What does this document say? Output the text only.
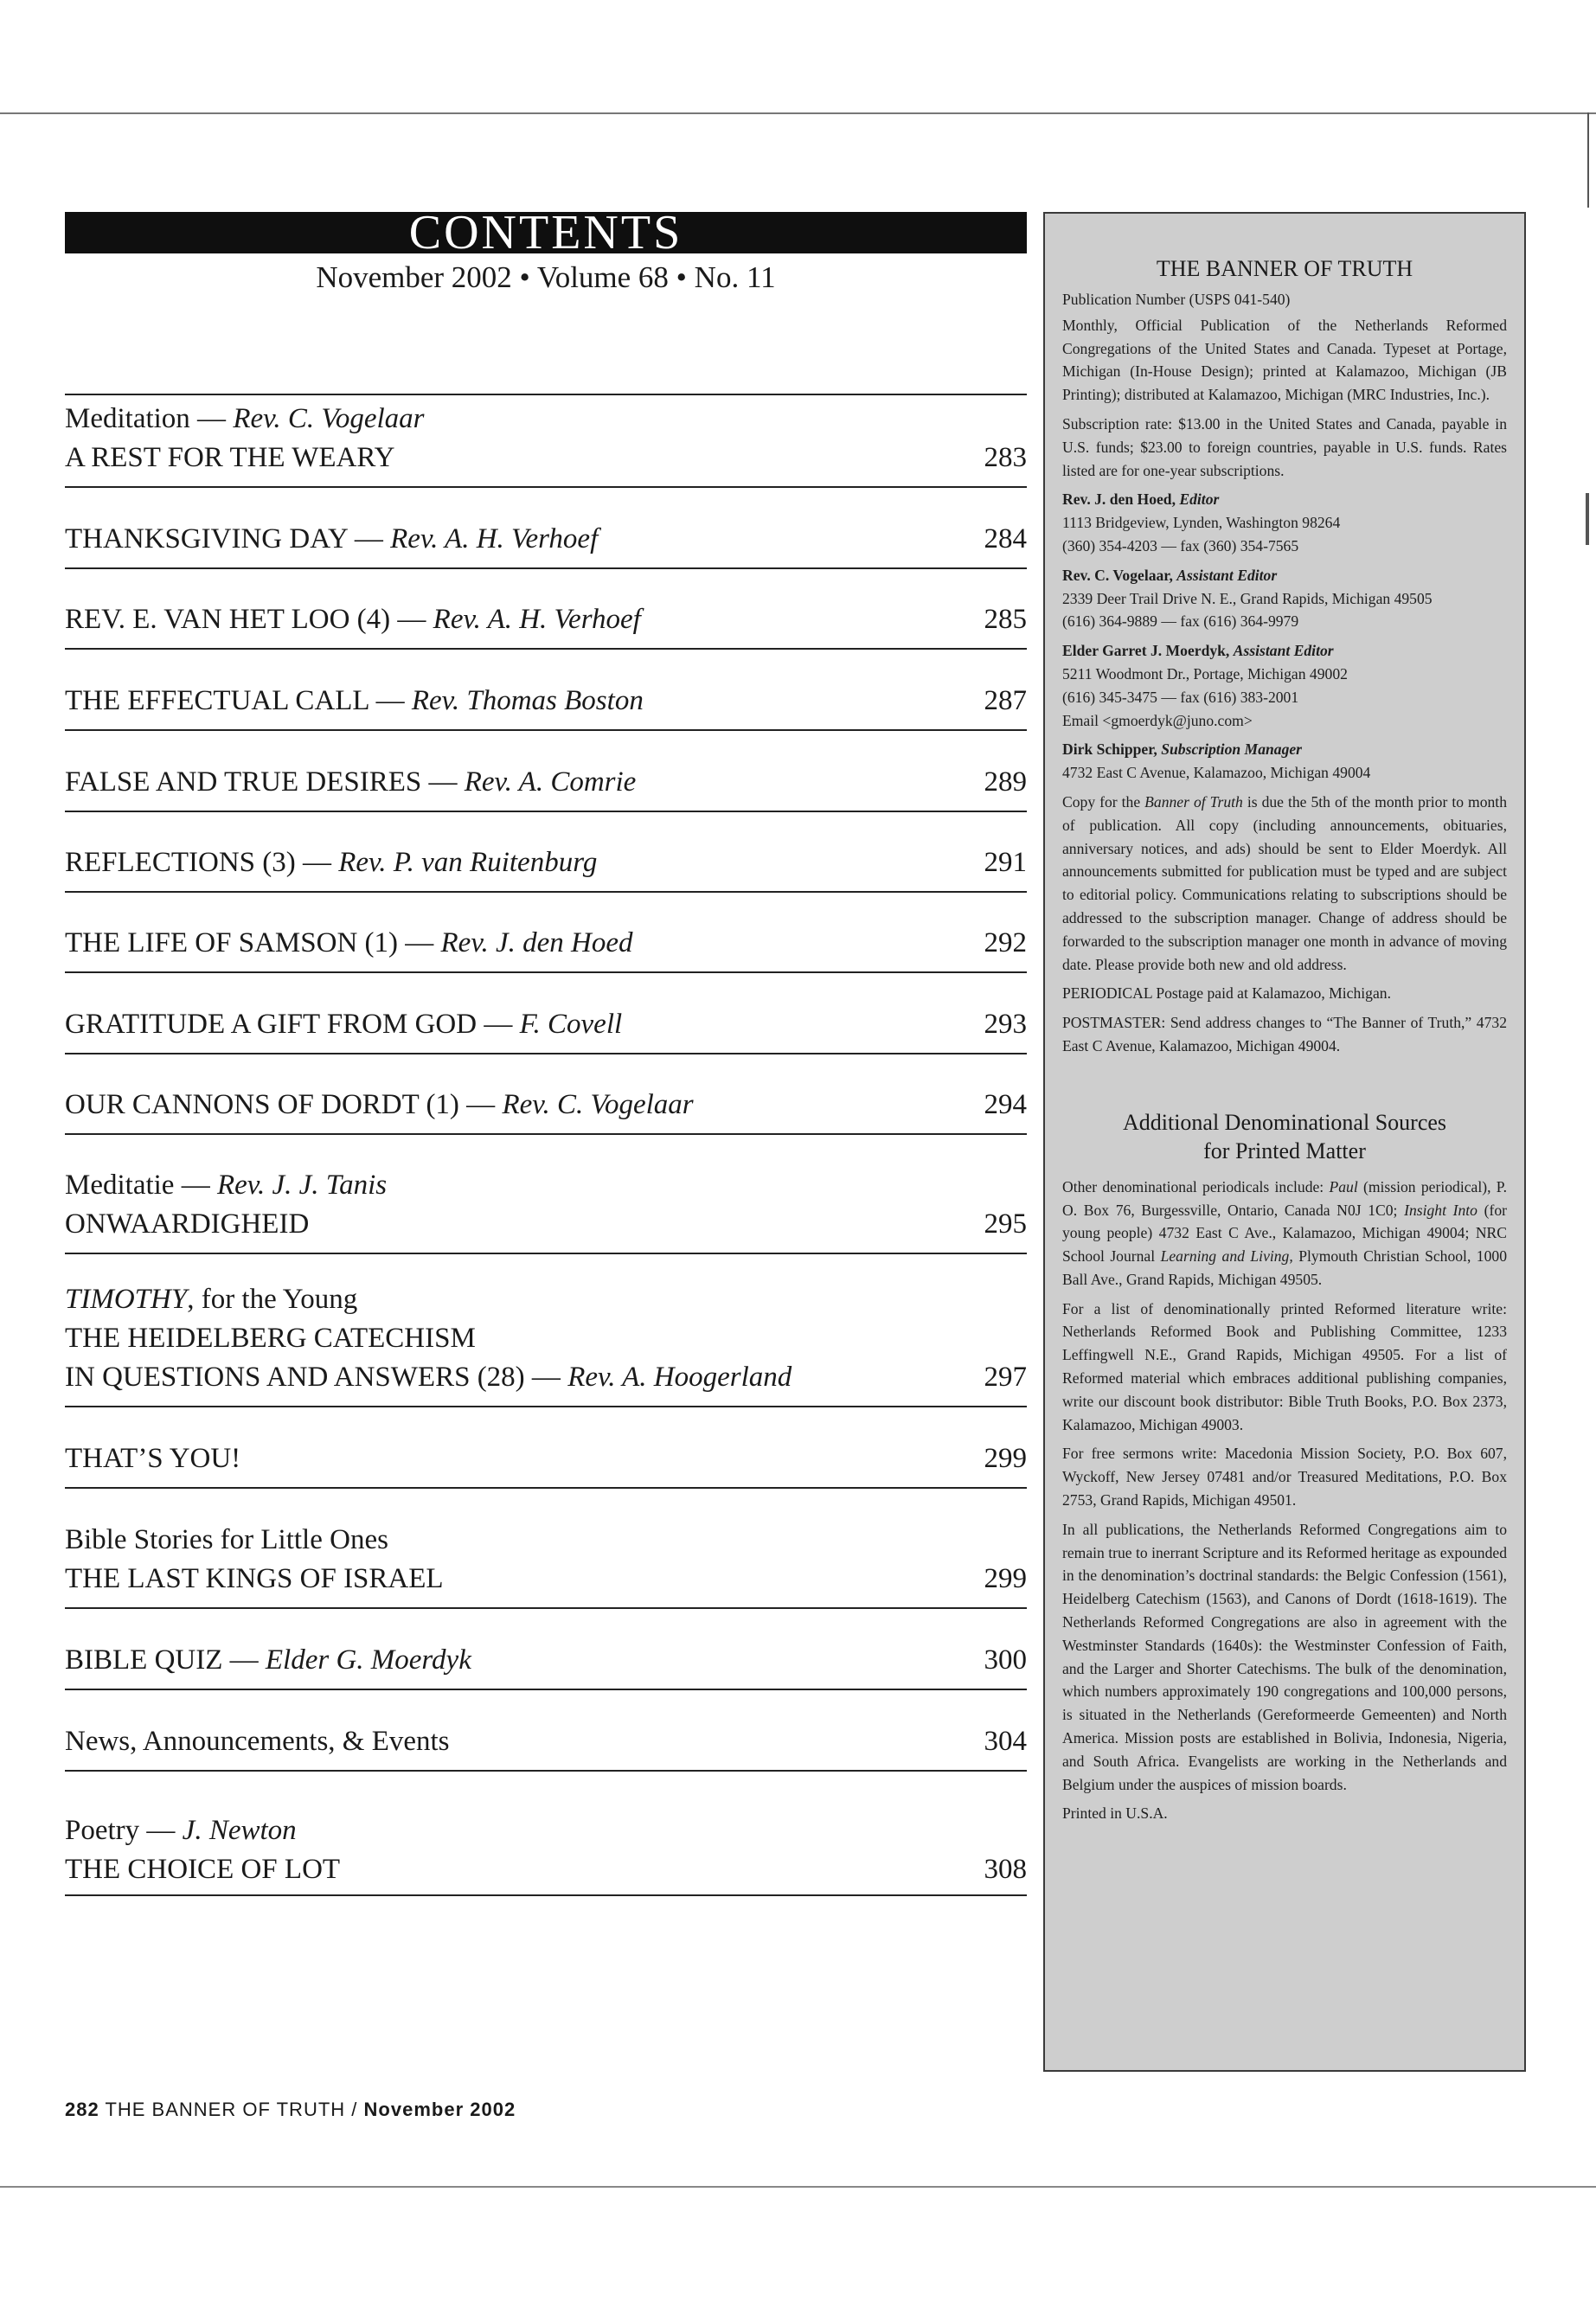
CONTENTS
November 2002 • Volume 68 • No. 11
Meditation — Rev. C. Vogelaar
A REST FOR THE WEARY	283
THANKSGIVING DAY — Rev. A. H. Verhoef	284
REV. E. VAN HET LOO (4) — Rev. A. H. Verhoef	285
THE EFFECTUAL CALL — Rev. Thomas Boston	287
FALSE AND TRUE DESIRES — Rev. A. Comrie	289
REFLECTIONS (3) — Rev. P. van Ruitenburg	291
THE LIFE OF SAMSON (1) — Rev. J. den Hoed	292
GRATITUDE A GIFT FROM GOD — F. Covell	293
OUR CANNONS OF DORDT (1) — Rev. C. Vogelaar	294
Meditatie — Rev. J. J. Tanis
ONWAARDIGHEID	295
TIMOTHY, for the Young
THE HEIDELBERG CATECHISM
IN QUESTIONS AND ANSWERS (28) — Rev. A. Hoogerland	297
THAT’S YOU!	299
Bible Stories for Little Ones
THE LAST KINGS OF ISRAEL	299
BIBLE QUIZ — Elder G. Moerdyk	300
News, Announcements, & Events	304
Poetry — J. Newton
THE CHOICE OF LOT	308
THE BANNER OF TRUTH

Publication Number (USPS 041-540)

Monthly, Official Publication of the Netherlands Reformed Congregations of the United States and Canada. Typeset at Portage, Michigan (In-House Design); printed at Kalamazoo, Michigan (JB Printing); distributed at Kalamazoo, Michigan (MRC Industries, Inc.).

Subscription rate: $13.00 in the United States and Canada, payable in U.S. funds; $23.00 to foreign countries, payable in U.S. funds. Rates listed are for one-year subscriptions.

Rev. J. den Hoed, Editor
1113 Bridgeview, Lynden, Washington 98264
(360) 354-4203 — fax (360) 354-7565

Rev. C. Vogelaar, Assistant Editor
2339 Deer Trail Drive N. E., Grand Rapids, Michigan 49505
(616) 364-9889 — fax (616) 364-9979

Elder Garret J. Moerdyk, Assistant Editor
5211 Woodmont Dr., Portage, Michigan 49002
(616) 345-3475 — fax (616) 383-2001
Email <gmoerdyk@juno.com>

Dirk Schipper, Subscription Manager
4732 East C Avenue, Kalamazoo, Michigan 49004

Copy for the Banner of Truth is due the 5th of the month prior to month of publication. All copy (including announcements, obituaries, anniversary notices, and ads) should be sent to Elder Moerdyk. All announcements submitted for publication must be typed and are subject to editorial policy. Communications relating to subscriptions should be addressed to the subscription manager. Change of address should be forwarded to the subscription manager one month in advance of moving date. Please provide both new and old address.

PERIODICAL Postage paid at Kalamazoo, Michigan.

POSTMASTER: Send address changes to “The Banner of Truth,” 4732 East C Avenue, Kalamazoo, Michigan 49004.

Additional Denominational Sources
for Printed Matter

Other denominational periodicals include: Paul (mission periodical), P. O. Box 76, Burgessville, Ontario, Canada N0J 1C0; Insight Into (for young people) 4732 East C Ave., Kalamazoo, Michigan 49004; NRC School Journal Learning and Living, Plymouth Christian School, 1000 Ball Ave., Grand Rapids, Michigan 49505.

For a list of denominationally printed Reformed literature write: Netherlands Reformed Book and Publishing Committee, 1233 Leffingwell N.E., Grand Rapids, Michigan 49505. For a list of Reformed material which embraces additional publishing companies, write our discount book distributor: Bible Truth Books, P.O. Box 2373, Kalamazoo, Michigan 49003.

For free sermons write: Macedonia Mission Society, P.O. Box 607, Wyckoff, New Jersey 07481 and/or Treasured Meditations, P.O. Box 2753, Grand Rapids, Michigan 49501.

In all publications, the Netherlands Reformed Congregations aim to remain true to inerrant Scripture and its Reformed heritage as expounded in the denomination’s doctrinal standards: the Belgic Confession (1561), Heidelberg Catechism (1563), and Canons of Dordt (1618-1619). The Netherlands Reformed Congregations are also in agreement with the Westminster Standards (1640s): the Westminster Confession of Faith, and the Larger and Shorter Catechisms. The bulk of the denomination, which numbers approximately 190 congregations and 100,000 persons, is situated in the Netherlands (Gereformeerde Gemeenten) and North America. Mission posts are established in Bolivia, Indonesia, Nigeria, and South Africa. Evangelists are working in the Netherlands and Belgium under the auspices of mission boards.

Printed in U.S.A.

282 THE BANNER OF TRUTH / November 2002
